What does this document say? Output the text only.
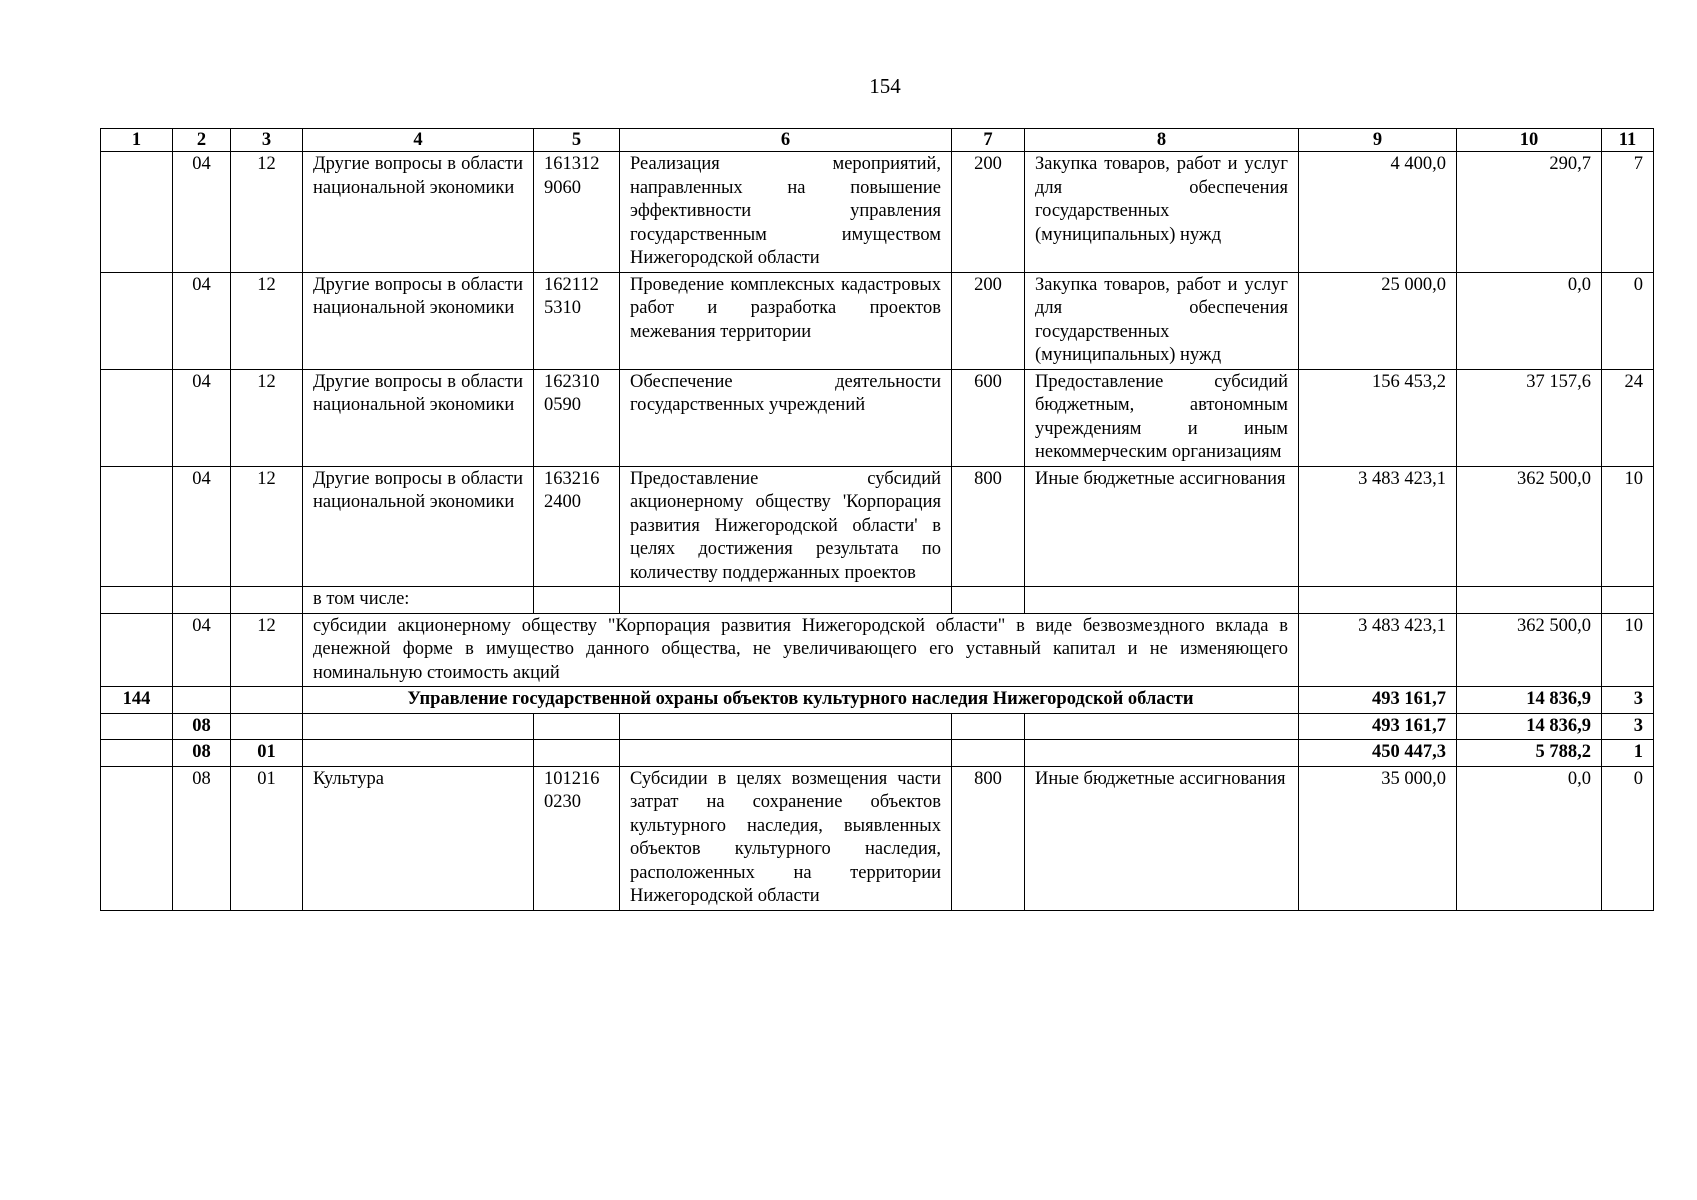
154
1	2	3	4	5	6	7	8	9	10	11
	04	12	Другие вопросы в области национальной экономики	161312 9060	Реализация мероприятий, направленных на повышение эффективности управления государственным имуществом Нижегородской области	200	Закупка товаров, работ и услуг для обеспечения государственных (муниципальных) нужд	4 400,0	290,7	7
	04	12	Другие вопросы в области национальной экономики	162112 5310	Проведение комплексных кадастровых работ и разработка проектов межевания территории	200	Закупка товаров, работ и услуг для обеспечения государственных (муниципальных) нужд	25 000,0	0,0	0
	04	12	Другие вопросы в области национальной экономики	162310 0590	Обеспечение деятельности государственных учреждений	600	Предоставление субсидий бюджетным, автономным учреждениям и иным некоммерческим организациям	156 453,2	37 157,6	24
	04	12	Другие вопросы в области национальной экономики	163216 2400	Предоставление субсидий акционерному обществу 'Корпорация развития Нижегородской области' в целях достижения результата по количеству поддержанных проектов	800	Иные бюджетные ассигнования	3 483 423,1	362 500,0	10
			в том числе:							
	04	12	субсидии акционерному обществу "Корпорация развития Нижегородской области" в виде безвозмездного вклада в денежной форме в имущество данного общества, не увеличивающего его уставный капитал и не изменяющего номинальную стоимость акций					3 483 423,1	362 500,0	10
144			Управление государственной охраны объектов культурного наследия Нижегородской области					493 161,7	14 836,9	3
	08							493 161,7	14 836,9	3
	08	01						450 447,3	5 788,2	1
	08	01	Культура	101216 0230	Субсидии в целях возмещения части затрат на сохранение объектов культурного наследия, выявленных объектов культурного наследия, расположенных на территории Нижегородской области	800	Иные бюджетные ассигнования	35 000,0	0,0	0
